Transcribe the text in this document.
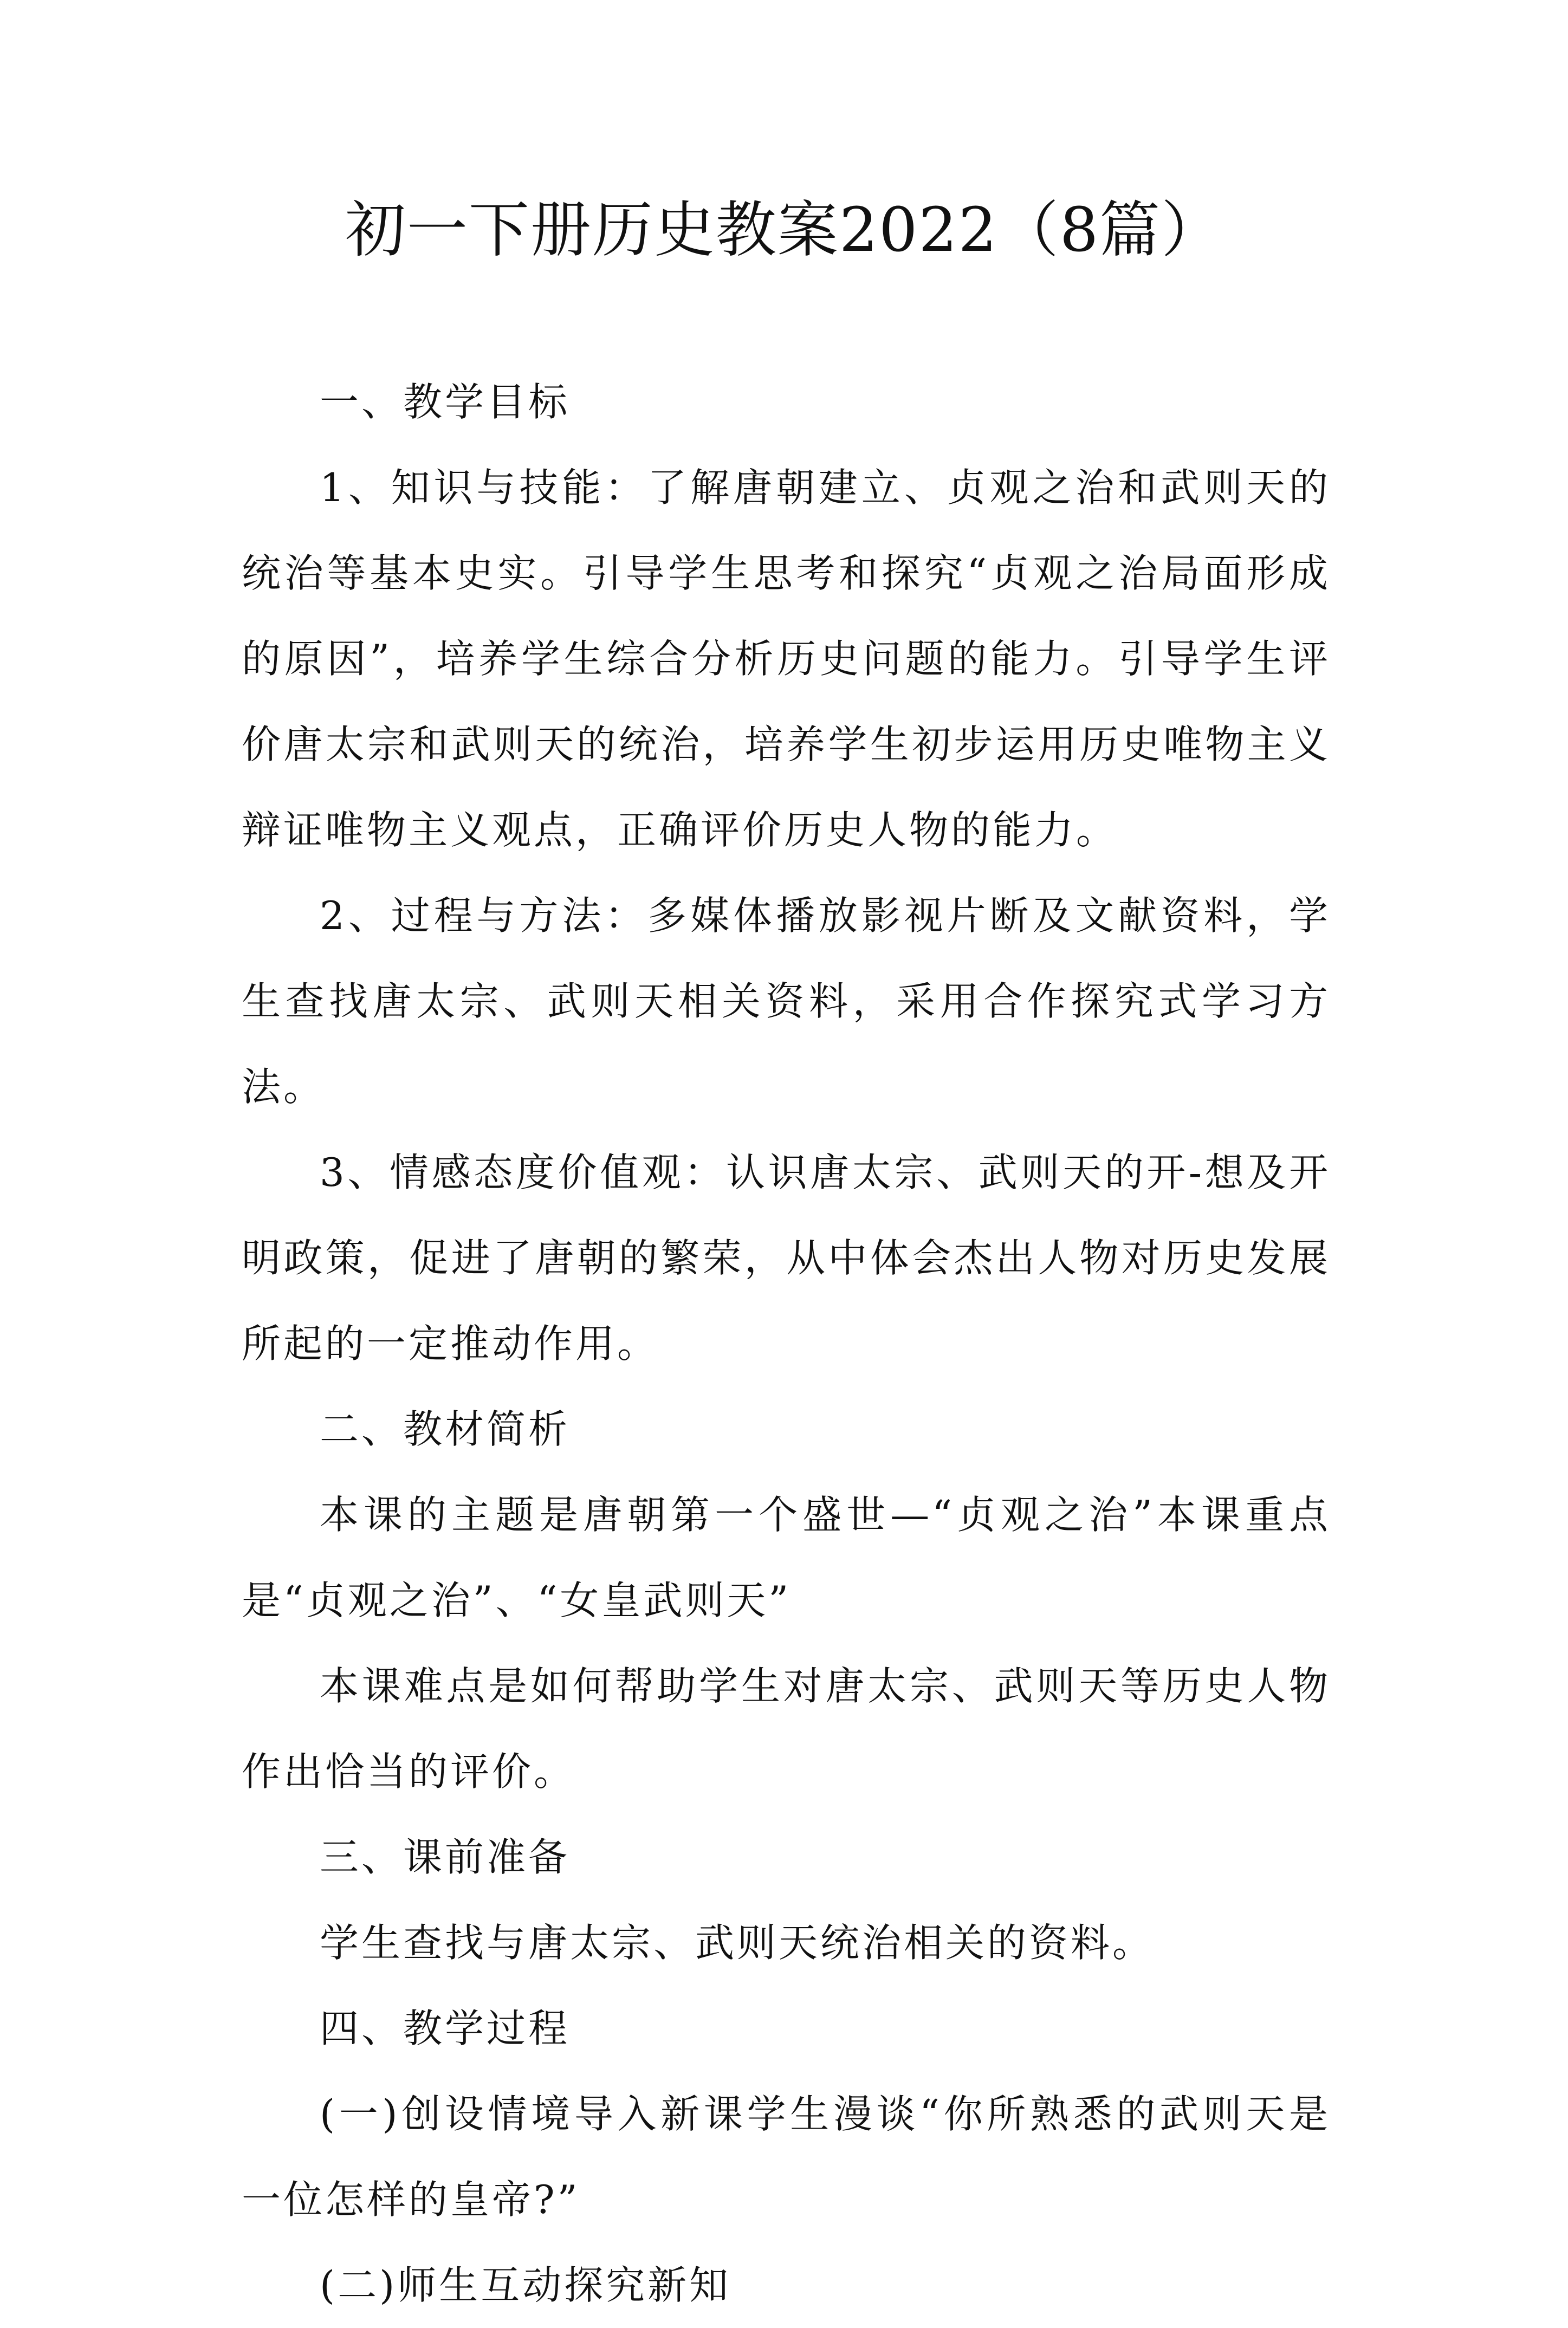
初一下册历史教案2022（8篇）

一、教学目标

1、知识与技能：了解唐朝建立、贞观之治和武则天的统治等基本史实。引导学生思考和探究“贞观之治局面形成的原因”，培养学生综合分析历史问题的能力。引导学生评价唐太宗和武则天的统治，培养学生初步运用历史唯物主义辩证唯物主义观点，正确评价历史人物的能力。

2、过程与方法：多媒体播放影视片断及文献资料，学生查找唐太宗、武则天相关资料，采用合作探究式学习方法。

3、情感态度价值观：认识唐太宗、武则天的开-想及开明政策，促进了唐朝的繁荣，从中体会杰出人物对历史发展所起的一定推动作用。

二、教材简析

本课的主题是唐朝第一个盛世—“贞观之治”本课重点是“贞观之治”、“女皇武则天”

本课难点是如何帮助学生对唐太宗、武则天等历史人物作出恰当的评价。

三、课前准备

学生查找与唐太宗、武则天统治相关的资料。

四、教学过程

(一)创设情境导入新课学生漫谈“你所熟悉的武则天是一位怎样的皇帝?”

(二)师生互动探究新知
